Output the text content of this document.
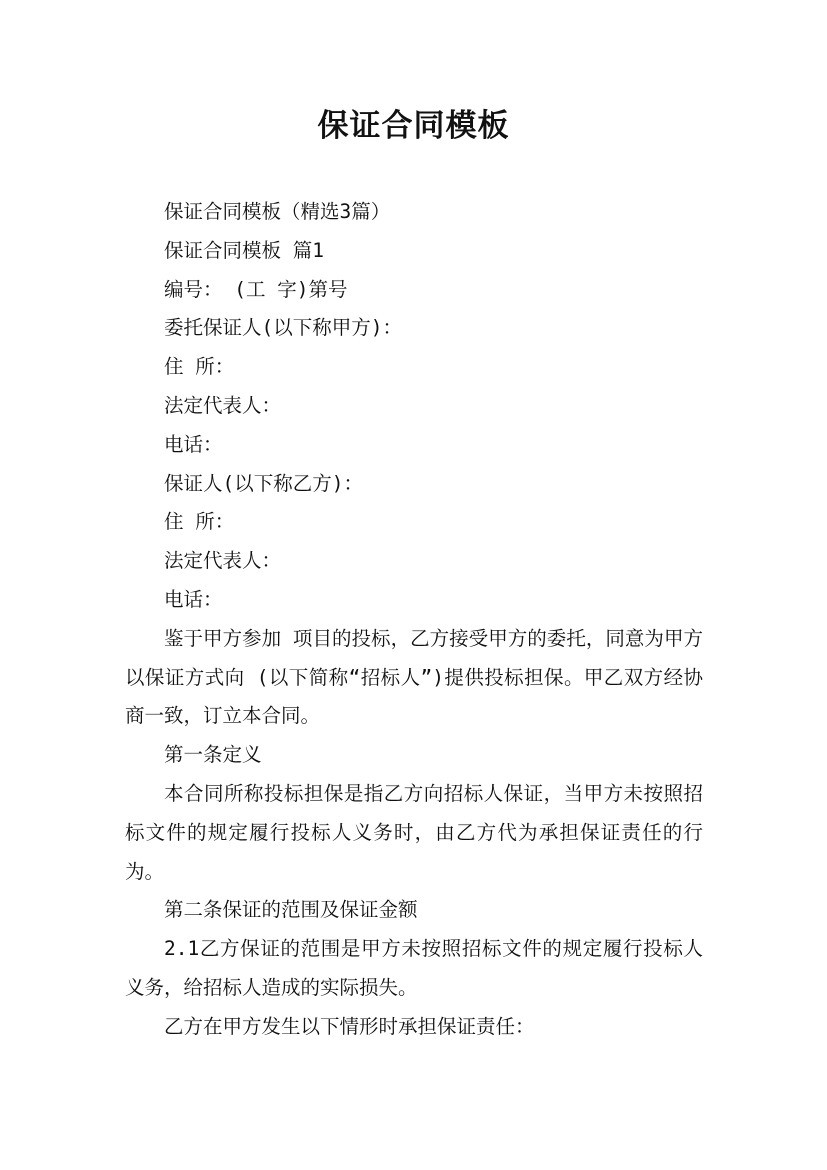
保证合同模板

保证合同模板（精选3篇）

保证合同模板 篇1

编号： (工 字)第号

委托保证人(以下称甲方)：

住 所：

法定代表人：

电话：

保证人(以下称乙方)：

住 所：

法定代表人：

电话：

鉴于甲方参加 项目的投标，乙方接受甲方的委托，同意为甲方以保证方式向 (以下简称“招标人”)提供投标担保。甲乙双方经协商一致，订立本合同。

第一条定义

本合同所称投标担保是指乙方向招标人保证，当甲方未按照招标文件的规定履行投标人义务时，由乙方代为承担保证责任的行为。

第二条保证的范围及保证金额

2.1乙方保证的范围是甲方未按照招标文件的规定履行投标人义务，给招标人造成的实际损失。

乙方在甲方发生以下情形时承担保证责任：
